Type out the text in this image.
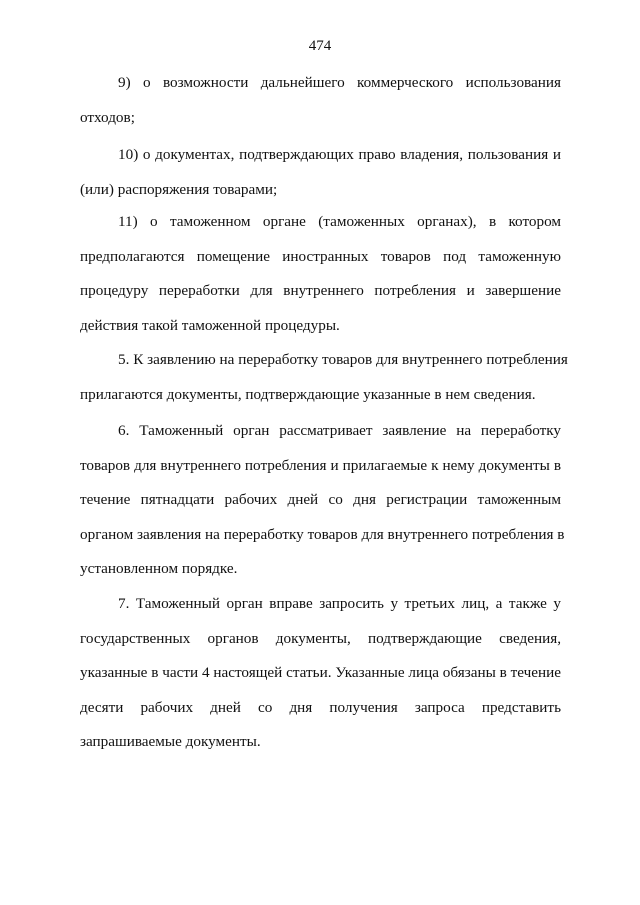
474
9) о возможности дальнейшего коммерческого использования
отходов;
10) о документах, подтверждающих право владения, пользования и
(или) распоряжения товарами;
11) о таможенном органе (таможенных органах), в котором
предполагаются помещение иностранных товаров под таможенную
процедуру переработки для внутреннего потребления и завершение
действия такой таможенной процедуры.
5. К заявлению на переработку товаров для внутреннего потребления
прилагаются документы, подтверждающие указанные в нем сведения.
6. Таможенный орган рассматривает заявление на переработку
товаров для внутреннего потребления и прилагаемые к нему документы в
течение пятнадцати рабочих дней со дня регистрации таможенным
органом заявления на переработку товаров для внутреннего потребления в
установленном порядке.
7. Таможенный орган вправе запросить у третьих лиц, а также у
государственных органов документы, подтверждающие сведения,
указанные в части 4 настоящей статьи. Указанные лица обязаны в течение
десяти рабочих дней со дня получения запроса представить
запрашиваемые документы.
